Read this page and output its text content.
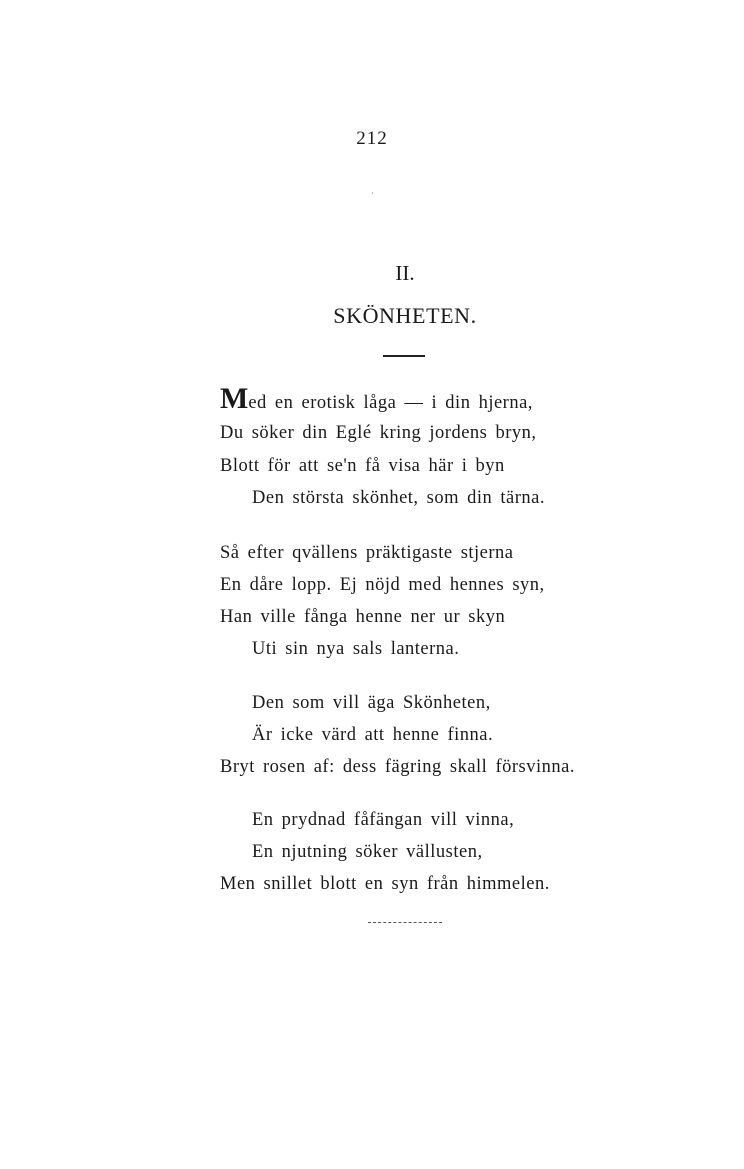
212
II.
SKÖNHETEN.
Med en erotisk låga — i din hjerna,
Du söker din Eglé kring jordens bryn,
Blott för att se'n få visa här i byn
Den största skönhet, som din tärna.
Så efter qvällens präktigaste stjerna
En dåre lopp. Ej nöjd med hennes syn,
Han ville fånga henne ner ur skyn
Uti sin nya sals lanterna.
Den som vill äga Skönheten,
Är icke värd att henne finna.
Bryt rosen af: dess fägring skall försvinna.
En prydnad fåfängan vill vinna,
En njutning söker vällusten,
Men snillet blott en syn från himmelen.
